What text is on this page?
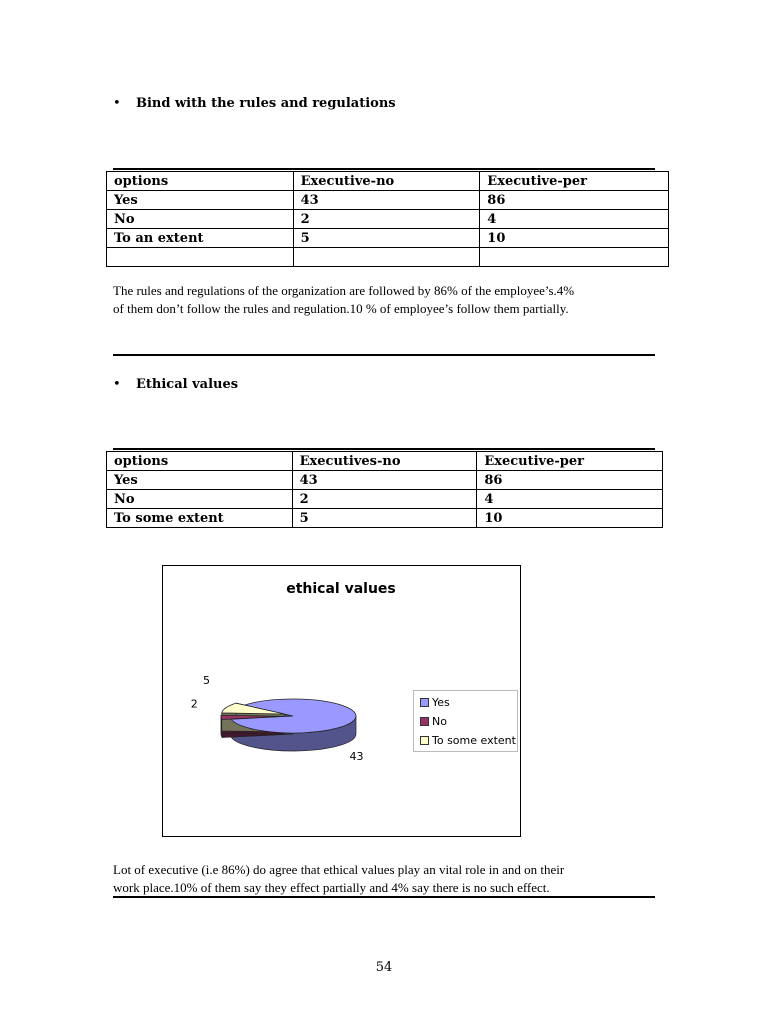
• Bind with the rules and regulations
options	Executive-no	Executive-per
Yes	43	86
No	2	4
To an extent	5	10

The rules and regulations of the organization are followed by 86% of the employee’s.4%
of them don’t follow the rules and regulation.10 % of employee’s follow them partially.
• Ethical values
options	Executives-no	Executive-per
Yes	43	86
No	2	4
To some extent	5	10
ethical values
43
2
5
Yes
No
To some extent
Lot of executive (i.e 86%) do agree that ethical values play an vital role in and on their
work place.10% of them say they effect partially and 4% say there is no such effect.
54
